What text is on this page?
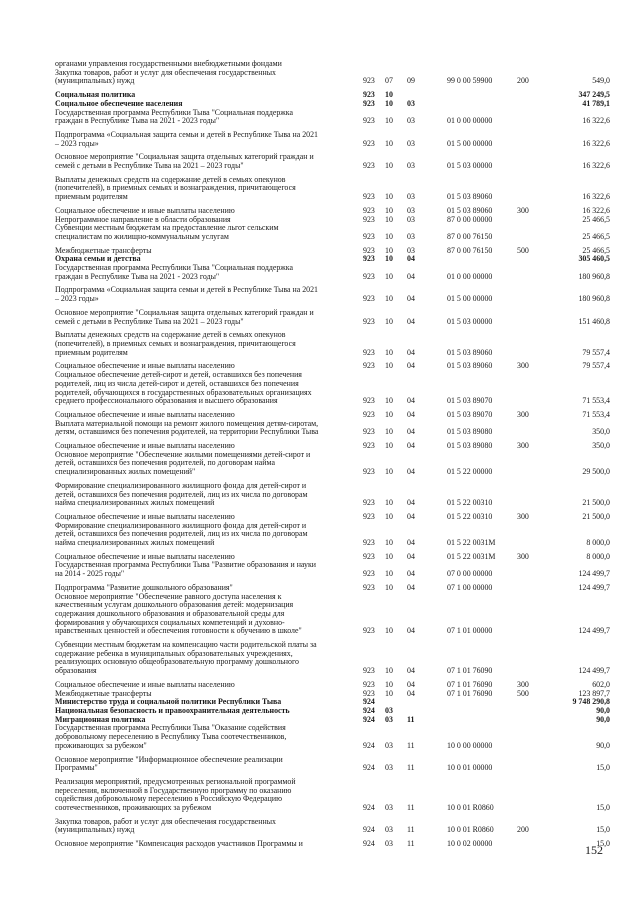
органами управления государственными внебюджетными фондами
Закупка товаров, работ и услуг для обеспечения государственных
(муниципальных) нужд	923	07	09	99 0 00 59900	200	549,0
Социальная политика	923	10	347 249,5
Социальное обеспечение населения	923	10	03	41 789,1
Государственная программа Республики Тыва "Социальная поддержка
граждан в Республике Тыва на 2021 - 2023 годы"	923	10	03	01 0 00 00000	16 322,6
Подпрограмма «Социальная защита семьи и детей в Республике Тыва на 2021
– 2023 годы»	923	10	03	01 5 00 00000	16 322,6
Основное мероприятие "Социальная защита отдельных категорий граждан и
семей с детьми в Республике Тыва на 2021 – 2023 годы"	923	10	03	01 5 03 00000	16 322,6
Выплаты денежных средств на содержание детей в семьях опекунов
(попечителей), в приемных семьях и вознаграждения, причитающегося
приемным родителям	923	10	03	01 5 03 89060	16 322,6
Социальное обеспечение и иные выплаты населению	923	10	03	01 5 03 89060	300	16 322,6
Непрограммное направление в области образования	923	10	03	87 0 00 00000	25 466,5
Субвенции местным бюджетам на предоставление льгот сельским
специалистам по жилищно-коммунальным услугам	923	10	03	87 0 00 76150	25 466,5
Межбюджетные трансферты	923	10	03	87 0 00 76150	500	25 466,5
Охрана семьи и детства	923	10	04	305 460,5
Государственная программа Республики Тыва "Социальная поддержка
граждан в Республике Тыва на 2021 - 2023 годы"	923	10	04	01 0 00 00000	180 960,8
Подпрограмма «Социальная защита семьи и детей в Республике Тыва на 2021
– 2023 годы»	923	10	04	01 5 00 00000	180 960,8
Основное мероприятие "Социальная защита отдельных категорий граждан и
семей с детьми в Республике Тыва на 2021 – 2023 годы"	923	10	04	01 5 03 00000	151 460,8
Выплаты денежных средств на содержание детей в семьях опекунов
(попечителей), в приемных семьях и вознаграждения, причитающегося
приемным родителям	923	10	04	01 5 03 89060	79 557,4
Социальное обеспечение и иные выплаты населению	923	10	04	01 5 03 89060	300	79 557,4
Социальное обеспечение детей-сирот и детей, оставшихся без попечения
родителей, лиц из числа детей-сирот и детей, оставшихся без попечения
родителей, обучающихся в государственных образовательных организациях
среднего профессионального образования и высшего образования	923	10	04	01 5 03 89070	71 553,4
Социальное обеспечение и иные выплаты населению	923	10	04	01 5 03 89070	300	71 553,4
Выплата материальной помощи на ремонт жилого помещения детям-сиротам,
детям, оставшимся без попечения родителей, на территории Республики Тыва	923	10	04	01 5 03 89080	350,0
Социальное обеспечение и иные выплаты населению	923	10	04	01 5 03 89080	300	350,0
Основное мероприятие "Обеспечение жилыми помещениями детей-сирот и
детей, оставшихся без попечения родителей, по договорам найма
специализированных жилых помещений"	923	10	04	01 5 22 00000	29 500,0
Формирование специализированного жилищного фонда для детей-сирот и
детей, оставшихся без попечения родителей, лиц из их числа по договорам
найма специализированных жилых помещений	923	10	04	01 5 22 00310	21 500,0
Социальное обеспечение и иные выплаты населению	923	10	04	01 5 22 00310	300	21 500,0
Формирование специализированного жилищного фонда для детей-сирот и
детей, оставшихся без попечения родителей, лиц из их числа по договорам
найма специализированных жилых помещений	923	10	04	01 5 22 0031M	8 000,0
Социальное обеспечение и иные выплаты населению	923	10	04	01 5 22 0031M	300	8 000,0
Государственная программа Республики Тыва "Развитие образования и науки
на 2014 - 2025 годы"	923	10	04	07 0 00 00000	124 499,7
Подпрограмма "Развитие дошкольного образования"	923	10	04	07 1 00 00000	124 499,7
Основное мероприятие "Обеспечение равного доступа населения к
качественным услугам дошкольного образования детей: модернизация
содержания дошкольного образования и образовательной среды для
формирования у обучающихся социальных компетенций и духовно-
нравственных ценностей и обеспечения готовности к обучению в школе"	923	10	04	07 1 01 00000	124 499,7
Субвенции местным бюджетам на компенсацию части родительской платы за
содержание ребенка в муниципальных образовательных учреждениях,
реализующих основную общеобразовательную программу дошкольного
образования	923	10	04	07 1 01 76090	124 499,7
Социальное обеспечение и иные выплаты населению	923	10	04	07 1 01 76090	300	602,0
Межбюджетные трансферты	923	10	04	07 1 01 76090	500	123 897,7
Министерство труда и социальной политики Республики Тыва	924	9 748 290,8
Национальная безопасность и правоохранительная деятельность	924	03	90,0
Миграционная политика	924	03	11	90,0
Государственная программа Республики Тыва "Оказание содействия
добровольному переселению в Республику Тыва соотечественников,
проживающих за рубежом"	924	03	11	10 0 00 00000	90,0
Основное мероприятие "Информационное обеспечение реализации
Программы"	924	03	11	10 0 01 00000	15,0
Реализация мероприятий, предусмотренных региональной программой
переселения, включенной в Государственную программу по оказанию
содействия добровольному переселению в Российскую Федерацию
соотечественников, проживающих за рубежом	924	03	11	10 0 01 R0860	15,0
Закупка товаров, работ и услуг для обеспечения государственных
(муниципальных) нужд	924	03	11	10 0 01 R0860	200	15,0
Основное мероприятие "Компенсация расходов участников Программы и	924	03	11	10 0 02 00000	15,0
152
